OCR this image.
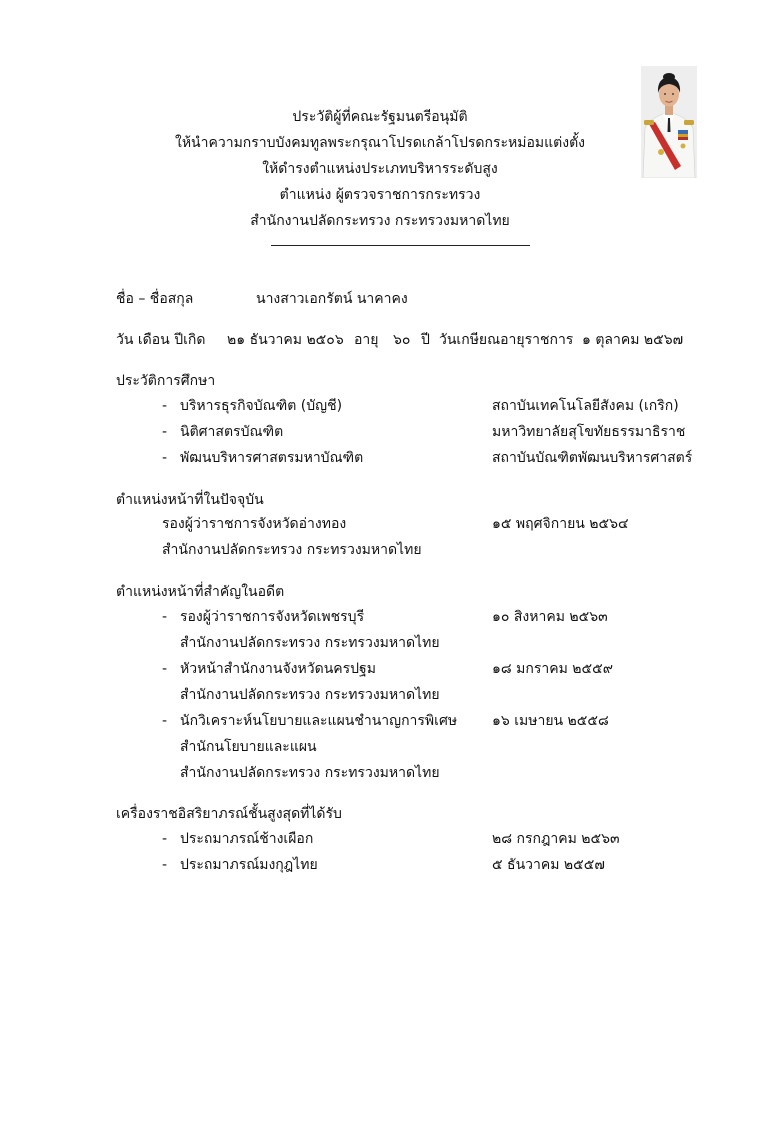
ประวัติผู้ที่คณะรัฐมนตรีอนุมัติ
ให้นำความกราบบังคมทูลพระกรุณาโปรดเกล้าโปรดกระหม่อมแต่งตั้ง
ให้ดำรงตำแหน่งประเภทบริหารระดับสูง
ตำแหน่ง ผู้ตรวจราชการกระทรวง
สำนักงานปลัดกระทรวง กระทรวงมหาดไทย
ชื่อ – ชื่อสกุล	นางสาวเอกรัตน์ นาคาคง
วัน เดือน ปีเกิด ๒๑ ธันวาคม ๒๕๐๖ อายุ ๖๐ ปี วันเกษียณอายุราชการ ๑ ตุลาคม ๒๕๖๗
ประวัติการศึกษา
- บริหารธุรกิจบัณฑิต (บัญชี)	สถาบันเทคโนโลยีสังคม (เกริก)
- นิติศาสตรบัณฑิต	มหาวิทยาลัยสุโขทัยธรรมาธิราช
- พัฒนบริหารศาสตรมหาบัณฑิต	สถาบันบัณฑิตพัฒนบริหารศาสตร์
ตำแหน่งหน้าที่ในปัจจุบัน
รองผู้ว่าราชการจังหวัดอ่างทอง	๑๕ พฤศจิกายน ๒๕๖๔
สำนักงานปลัดกระทรวง กระทรวงมหาดไทย
ตำแหน่งหน้าที่สำคัญในอดีต
- รองผู้ว่าราชการจังหวัดเพชรบุรี	๑๐ สิงหาคม ๒๕๖๓
สำนักงานปลัดกระทรวง กระทรวงมหาดไทย
- หัวหน้าสำนักงานจังหวัดนครปฐม	๑๘ มกราคม ๒๕๕๙
สำนักงานปลัดกระทรวง กระทรวงมหาดไทย
- นักวิเคราะห์นโยบายและแผนชำนาญการพิเศษ ๑๖ เมษายน ๒๕๕๘
สำนักนโยบายและแผน
สำนักงานปลัดกระทรวง กระทรวงมหาดไทย
เครื่องราชอิสริยาภรณ์ชั้นสูงสุดที่ได้รับ
- ประถมาภรณ์ช้างเผือก	๒๘ กรกฎาคม ๒๕๖๓
- ประถมาภรณ์มงกุฎไทย	๕ ธันวาคม ๒๕๕๗
